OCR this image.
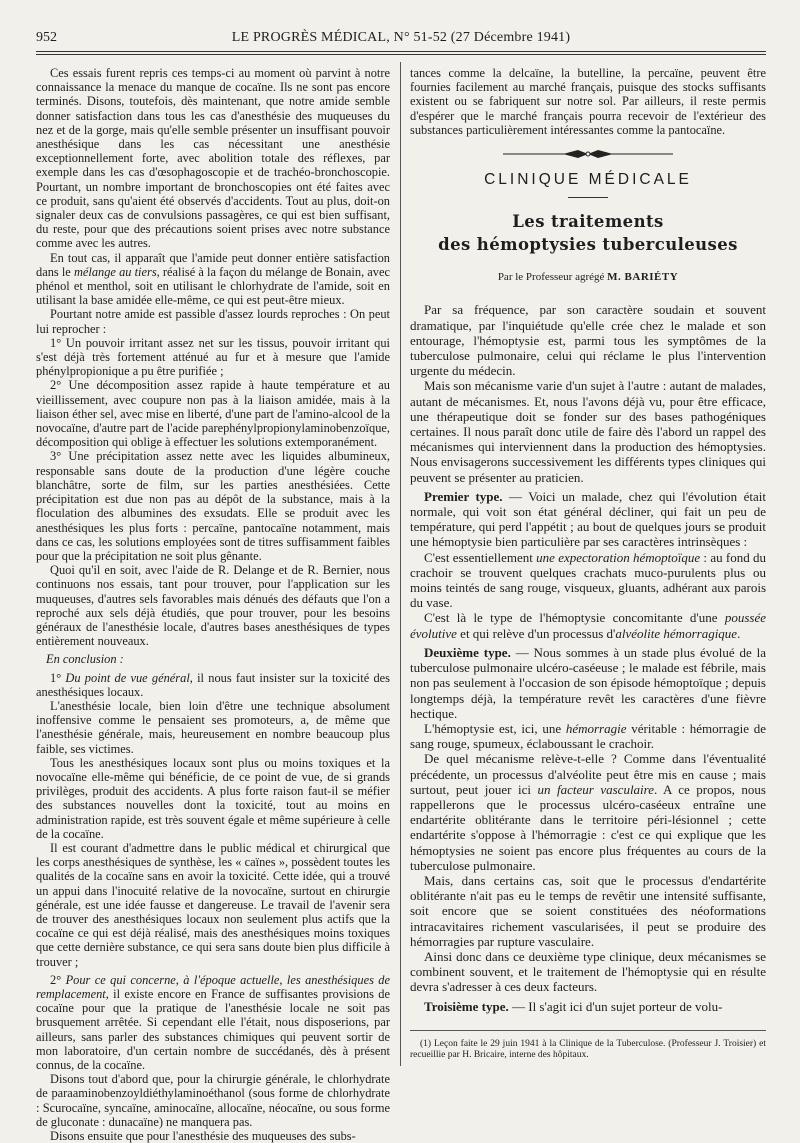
952	LE PROGRÈS MÉDICAL, N° 51-52 (27 Décembre 1941)

Ces essais furent repris ces temps-ci au moment où parvint à notre connaissance la menace du manque de cocaïne. Ils ne sont pas encore terminés. Disons, toutefois, dès maintenant, que notre amide semble donner satisfaction dans tous les cas d'anesthésie des muqueuses du nez et de la gorge, mais qu'elle semble présenter un insuffisant pouvoir anesthésique dans les cas nécessitant une anesthésie exceptionnellement forte, avec abolition totale des réflexes, par exemple dans les cas d'œsophagoscopie et de trachéo-bronchoscopie. Pourtant, un nombre important de bronchoscopies ont été faites avec ce produit, sans qu'aient été observés d'accidents. Tout au plus, doit-on signaler deux cas de convulsions passagères, ce qui est bien suffisant, du reste, pour que des précautions soient prises avec notre substance comme avec les autres.

En tout cas, il apparaît que l'amide peut donner entière satisfaction dans le mélange au tiers, réalisé à la façon du mélange de Bonain, avec phénol et menthol, soit en utilisant le chlorhydrate de l'amide, soit en utilisant la base amidée elle-même, ce qui est peut-être mieux.

Pourtant notre amide est passible d'assez lourds reproches : On peut lui reprocher :

1° Un pouvoir irritant assez net sur les tissus, pouvoir irritant qui s'est déjà très fortement atténué au fur et à mesure que l'amide phénylpropionique a pu être purifiée ;

2° Une décomposition assez rapide à haute température et au vieillissement, avec coupure non pas à la liaison amidée, mais à la liaison éther sel, avec mise en liberté, d'une part de l'amino-alcool de la novocaïne, d'autre part de l'acide parephénylpropionylaminobenzoïque, décomposition qui oblige à effectuer les solutions extemporanément.

3° Une précipitation assez nette avec les liquides albumineux, responsable sans doute de la production d'une légère couche blanchâtre, sorte de film, sur les parties anesthésiées. Cette précipitation est due non pas au dépôt de la substance, mais à la floculation des albumines des exsudats. Elle se produit avec les anesthésiques les plus forts : percaïne, pantocaïne notamment, mais dans ce cas, les solutions employées sont de titres suffisamment faibles pour que la précipitation ne soit plus gênante.

Quoi qu'il en soit, avec l'aide de R. Delange et de R. Bernier, nous continuons nos essais, tant pour trouver, pour l'application sur les muqueuses, d'autres sels favorables mais dénués des défauts que l'on a reproché aux sels déjà étudiés, que pour trouver, pour les besoins généraux de l'anesthésie locale, d'autres bases anesthésiques de types entièrement nouveaux.

En conclusion :

1° Du point de vue général, il nous faut insister sur la toxicité des anesthésiques locaux.

L'anesthésie locale, bien loin d'être une technique absolument inoffensive comme le pensaient ses promoteurs, a, de même que l'anesthésie générale, mais, heureusement en nombre beaucoup plus faible, ses victimes.

Tous les anesthésiques locaux sont plus ou moins toxiques et la novocaïne elle-même qui bénéficie, de ce point de vue, de si grands privilèges, produit des accidents. A plus forte raison faut-il se méfier des substances nouvelles dont la toxicité, tout au moins en administration rapide, est très souvent égale et même supérieure à celle de la cocaïne.

Il est courant d'admettre dans le public médical et chirurgical que les corps anesthésiques de synthèse, les « caïnes », possèdent toutes les qualités de la cocaïne sans en avoir la toxicité. Cette idée, qui a trouvé un appui dans l'inocuité relative de la novocaïne, surtout en chirurgie générale, est une idée fausse et dangereuse. Le travail de l'avenir sera de trouver des anesthésiques locaux non seulement plus actifs que la cocaïne ce qui est déjà réalisé, mais des anesthésiques moins toxiques que cette dernière substance, ce qui sera sans doute bien plus difficile à trouver ;

2° Pour ce qui concerne, à l'époque actuelle, les anesthésiques de remplacement, il existe encore en France de suffisantes provisions de cocaïne pour que la pratique de l'anesthésie locale ne soit pas brusquement arrêtée. Si cependant elle l'était, nous disposerions, par ailleurs, sans parler des substances chimiques qui peuvent sortir de mon laboratoire, d'un certain nombre de succédanés, dès à présent connus, de la cocaïne.

Disons tout d'abord que, pour la chirurgie générale, le chlorhydrate de paraaminobenzoyldiéthylaminoéthanol (sous forme de chlorhydrate : Scurocaïne, syncaïne, aminocaïne, allocaïne, néocaïne, ou sous forme de gluconate : dunacaïne) ne manquera pas.

Disons ensuite que pour l'anesthésie des muqueuses des subs-

tances comme la delcaïne, la butelline, la percaïne, peuvent être fournies facilement au marché français, puisque des stocks suffisants existent ou se fabriquent sur notre sol. Par ailleurs, il reste permis d'espérer que le marché français pourra recevoir de l'extérieur des substances particulièrement intéressantes comme la pantocaïne.

CLINIQUE MÉDICALE
Les traitements
des hémoptysies tuberculeuses
Par le Professeur agrégé M. BARIÉTY

Par sa fréquence, par son caractère soudain et souvent dramatique, par l'inquiétude qu'elle crée chez le malade et son entourage, l'hémoptysie est, parmi tous les symptômes de la tuberculose pulmonaire, celui qui réclame le plus l'intervention urgente du médecin.

Mais son mécanisme varie d'un sujet à l'autre : autant de malades, autant de mécanismes. Et, nous l'avons déjà vu, pour être efficace, une thérapeutique doit se fonder sur des bases pathogéniques certaines. Il nous paraît donc utile de faire dès l'abord un rappel des mécanismes qui interviennent dans la production des hémoptysies. Nous envisagerons successivement les différents types cliniques qui peuvent se présenter au praticien.

Premier type. — Voici un malade, chez qui l'évolution était normale, qui voit son état général décliner, qui fait un peu de température, qui perd l'appétit ; au bout de quelques jours se produit une hémoptysie bien particulière par ses caractères intrinsèques :

C'est essentiellement une expectoration hémoptoïque : au fond du crachoir se trouvent quelques crachats muco-purulents plus ou moins teintés de sang rouge, visqueux, gluants, adhérant aux parois du vase.

C'est là le type de l'hémoptysie concomitante d'une poussée évolutive et qui relève d'un processus d'alvéolite hémorragique.

Deuxième type. — Nous sommes à un stade plus évolué de la tuberculose pulmonaire ulcéro-caséeuse ; le malade est fébrile, mais non pas seulement à l'occasion de son épisode hémoptoïque ; depuis longtemps déjà, la température revêt les caractères d'une fièvre hectique.

L'hémoptysie est, ici, une hémorragie véritable : hémorragie de sang rouge, spumeux, éclaboussant le crachoir.

De quel mécanisme relève-t-elle ? Comme dans l'éventualité précédente, un processus d'alvéolite peut être mis en cause ; mais surtout, peut jouer ici un facteur vasculaire. A ce propos, nous rappellerons que le processus ulcéro-caséeux entraîne une endartérite oblitérante dans le territoire péri-lésionnel ; cette endartérite s'oppose à l'hémorragie : c'est ce qui explique que les hémoptysies ne soient pas encore plus fréquentes au cours de la tuberculose pulmonaire.

Mais, dans certains cas, soit que le processus d'endartérite oblitérante n'ait pas eu le temps de revêtir une intensité suffisante, soit encore que se soient constituées des néoformations intracavitaires richement vascularisées, il peut se produire des hémorragies par rupture vasculaire.

Ainsi donc dans ce deuxième type clinique, deux mécanismes se combinent souvent, et le traitement de l'hémoptysie qui en résulte devra s'adresser à ces deux facteurs.

Troisième type. — Il s'agit ici d'un sujet porteur de volu-

(1) Leçon faite le 29 juin 1941 à la Clinique de la Tuberculose. (Professeur J. Troisier) et recueillie par H. Bricaire, interne des hôpitaux.
